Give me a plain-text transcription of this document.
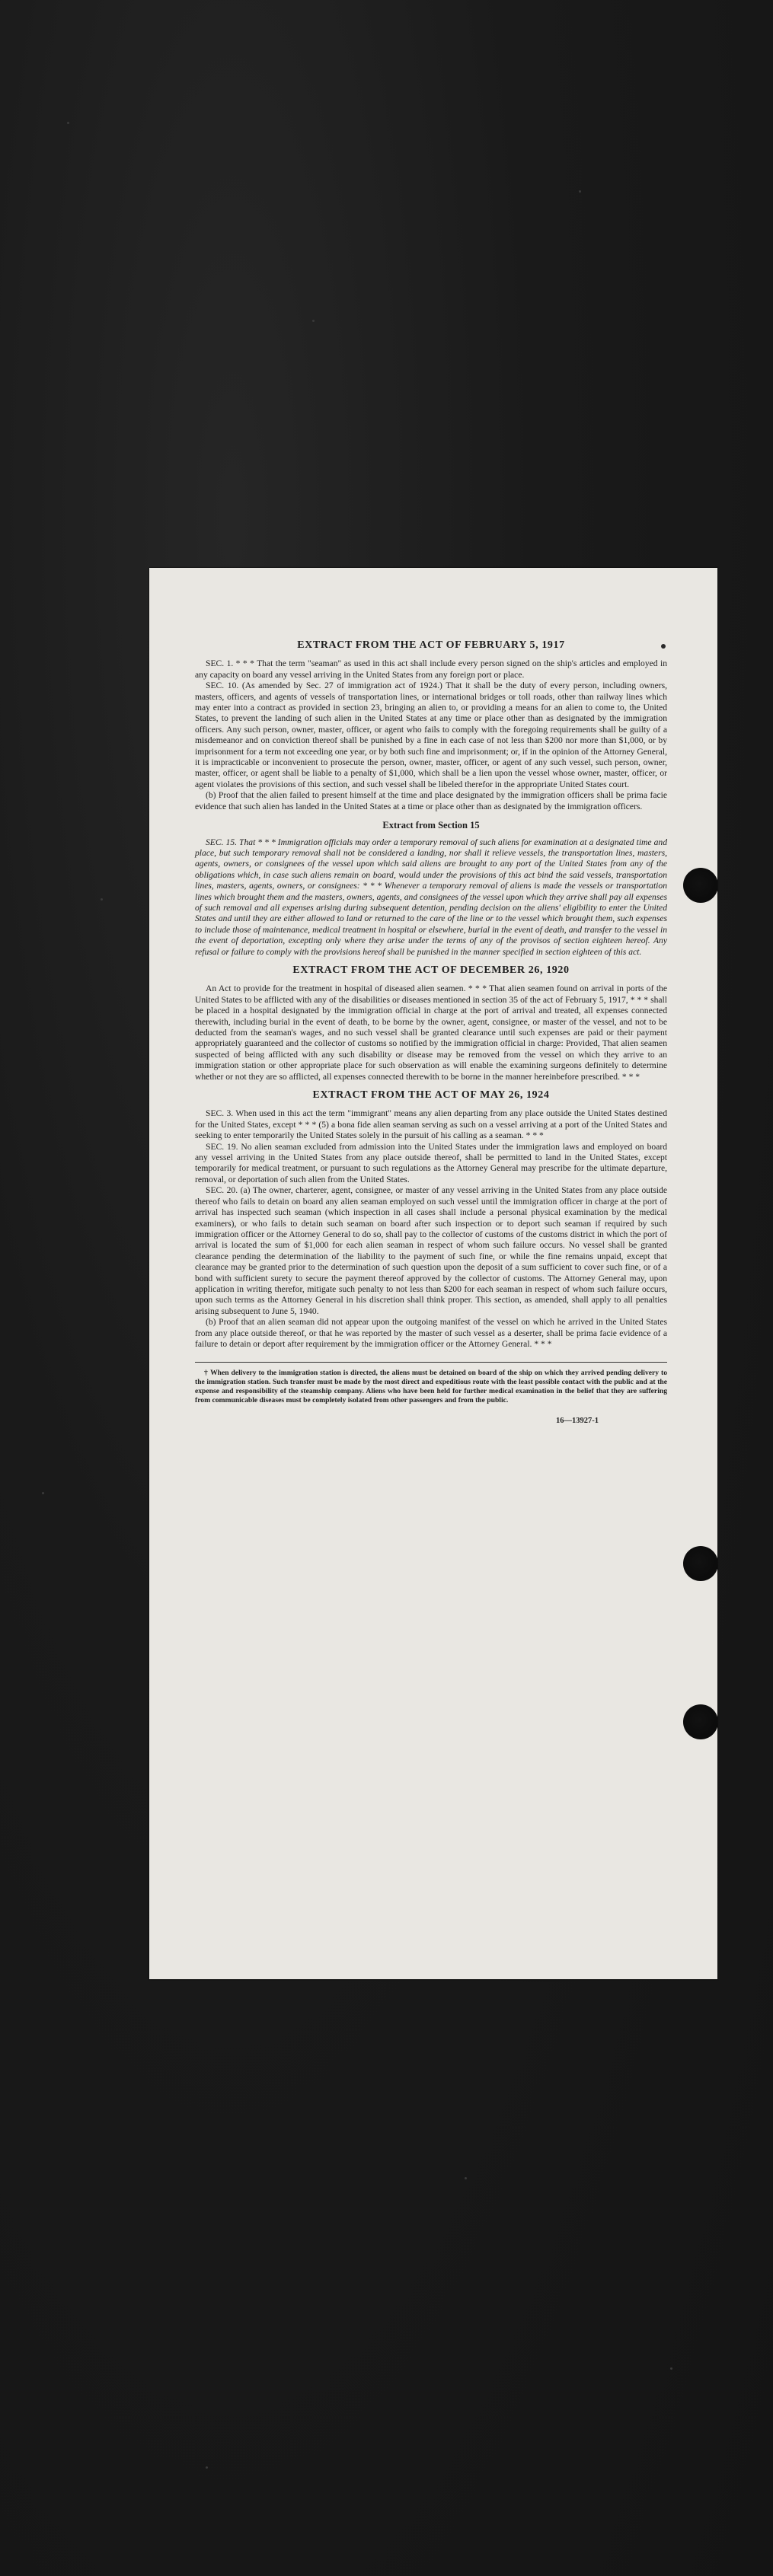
EXTRACT FROM THE ACT OF FEBRUARY 5, 1917

SEC. 1. * * * That the term "seaman" as used in this act shall include every person signed on the ship's articles and employed in any capacity on board any vessel arriving in the United States from any foreign port or place.

SEC. 10. (As amended by Sec. 27 of immigration act of 1924.) That it shall be the duty of every person, including owners, masters, officers, and agents of vessels of transportation lines, or international bridges or toll roads, other than railway lines which may enter into a contract as provided in section 23, bringing an alien to, or providing a means for an alien to come to, the United States, to prevent the landing of such alien in the United States at any time or place other than as designated by the immigration officers. Any such person, owner, master, officer, or agent who fails to comply with the foregoing requirements shall be guilty of a misdemeanor and on conviction thereof shall be punished by a fine in each case of not less than $200 nor more than $1,000, or by imprisonment for a term not exceeding one year, or by both such fine and imprisonment; or, if in the opinion of the Attorney General, it is impracticable or inconvenient to prosecute the person, owner, master, officer, or agent of any such vessel, such person, owner, master, officer, or agent shall be liable to a penalty of $1,000, which shall be a lien upon the vessel whose owner, master, officer, or agent violates the provisions of this section, and such vessel shall be libeled therefor in the appropriate United States court.

(b) Proof that the alien failed to present himself at the time and place designated by the immigration officers shall be prima facie evidence that such alien has landed in the United States at a time or place other than as designated by the immigration officers.

Extract from Section 15

SEC. 15. That * * * Immigration officials may order a temporary removal of such aliens for examination at a designated time and place, but such temporary removal shall not be considered a landing, nor shall it relieve vessels, the transportation lines, masters, agents, owners, or consignees of the vessel upon which said aliens are brought to any port of the United States from any of the obligations which, in case such aliens remain on board, would under the provisions of this act bind the said vessels, transportation lines, masters, agents, owners, or consignees: * * * Whenever a temporary removal of aliens is made the vessels or transportation lines which brought them and the masters, owners, agents, and consignees of the vessel upon which they arrive shall pay all expenses of such removal and all expenses arising during subsequent detention, pending decision on the aliens' eligibility to enter the United States and until they are either allowed to land or returned to the care of the line or to the vessel which brought them, such expenses to include those of maintenance, medical treatment in hospital or elsewhere, burial in the event of death, and transfer to the vessel in the event of deportation, excepting only where they arise under the terms of any of the provisos of section eighteen hereof. Any refusal or failure to comply with the provisions hereof shall be punished in the manner specified in section eighteen of this act.

EXTRACT FROM THE ACT OF DECEMBER 26, 1920

An Act to provide for the treatment in hospital of diseased alien seamen. * * * That alien seamen found on arrival in ports of the United States to be afflicted with any of the disabilities or diseases mentioned in section 35 of the act of February 5, 1917, * * * shall be placed in a hospital designated by the immigration official in charge at the port of arrival and treated, all expenses connected therewith, including burial in the event of death, to be borne by the owner, agent, consignee, or master of the vessel, and not to be deducted from the seaman's wages, and no such vessel shall be granted clearance until such expenses are paid or their payment appropriately guaranteed and the collector of customs so notified by the immigration official in charge: Provided, That alien seamen suspected of being afflicted with any such disability or disease may be removed from the vessel on which they arrive to an immigration station or other appropriate place for such observation as will enable the examining surgeons definitely to determine whether or not they are so afflicted, all expenses connected therewith to be borne in the manner hereinbefore prescribed. * * *

EXTRACT FROM THE ACT OF MAY 26, 1924

SEC. 3. When used in this act the term "immigrant" means any alien departing from any place outside the United States destined for the United States, except * * * (5) a bona fide alien seaman serving as such on a vessel arriving at a port of the United States and seeking to enter temporarily the United States solely in the pursuit of his calling as a seaman. * * *

SEC. 19. No alien seaman excluded from admission into the United States under the immigration laws and employed on board any vessel arriving in the United States from any place outside thereof, shall be permitted to land in the United States, except temporarily for medical treatment, or pursuant to such regulations as the Attorney General may prescribe for the ultimate departure, removal, or deportation of such alien from the United States.

SEC. 20. (a) The owner, charterer, agent, consignee, or master of any vessel arriving in the United States from any place outside thereof who fails to detain on board any alien seaman employed on such vessel until the immigration officer in charge at the port of arrival has inspected such seaman (which inspection in all cases shall include a personal physical examination by the medical examiners), or who fails to detain such seaman on board after such inspection or to deport such seaman if required by such immigration officer or the Attorney General to do so, shall pay to the collector of customs of the customs district in which the port of arrival is located the sum of $1,000 for each alien seaman in respect of whom such failure occurs. No vessel shall be granted clearance pending the determination of the liability to the payment of such fine, or while the fine remains unpaid, except that clearance may be granted prior to the determination of such question upon the deposit of a sum sufficient to cover such fine, or of a bond with sufficient surety to secure the payment thereof approved by the collector of customs. The Attorney General may, upon application in writing therefor, mitigate such penalty to not less than $200 for each seaman in respect of whom such failure occurs, upon such terms as the Attorney General in his discretion shall think proper. This section, as amended, shall apply to all penalties arising subsequent to June 5, 1940.

(b) Proof that an alien seaman did not appear upon the outgoing manifest of the vessel on which he arrived in the United States from any place outside thereof, or that he was reported by the master of such vessel as a deserter, shall be prima facie evidence of a failure to detain or deport after requirement by the immigration officer or the Attorney General. * * *

† When delivery to the immigration station is directed, the aliens must be detained on board of the ship on which they arrived pending delivery to the immigration station. Such transfer must be made by the most direct and expeditious route with the least possible contact with the public and at the expense and responsibility of the steamship company. Aliens who have been held for further medical examination in the belief that they are suffering from communicable diseases must be completely isolated from other passengers and from the public.

16—13927-1
